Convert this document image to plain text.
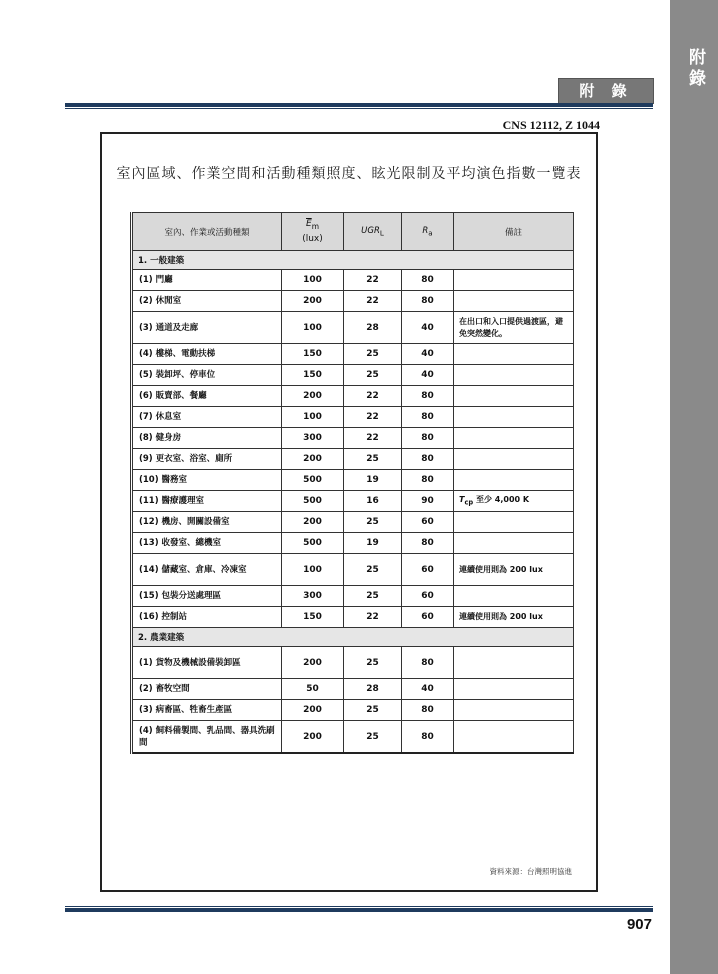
附錄
附 錄
CNS 12112, Z 1044
室內區域、作業空間和活動種類照度、眩光限制及平均演色指數一覽表
室內、作業或活動種類	$\overline{E}_m$
(lux)	$UGR_L$	$R_a$	備註
1. 一般建築				
(1) 門廳	100	22	80	
(2) 休閒室	200	22	80	
(3) 通道及走廊	100	28	40	在出口和入口提供過渡區，避免突然變化。
(4) 樓梯、電動扶梯	150	25	40	
(5) 裝卸坪、停車位	150	25	40	
(6) 販賣部、餐廳	200	22	80	
(7) 休息室	100	22	80	
(8) 健身房	300	22	80	
(9) 更衣室、浴室、廁所	200	25	80	
(10) 醫務室	500	19	80	
(11) 醫療護理室	500	16	90	$T_{cp}$ 至少 4,000 K
(12) 機房、開關設備室	200	25	60	
(13) 收發室、總機室	500	19	80	
(14) 儲藏室、倉庫、冷凍室	100	25	60	連續使用則為 200 lux
(15) 包裝分送處理區	300	25	60	
(16) 控制站	150	22	60	連續使用則為 200 lux
2. 農業建築				
(1) 貨物及機械設備裝卸區	200	25	80	
(2) 畜牧空間	50	28	40	
(3) 病畜區、牲畜生產區	200	25	80	
(4) 飼料備製間、乳品間、器具洗刷間	200	25	80	
資料來源：台灣照明協進
907
